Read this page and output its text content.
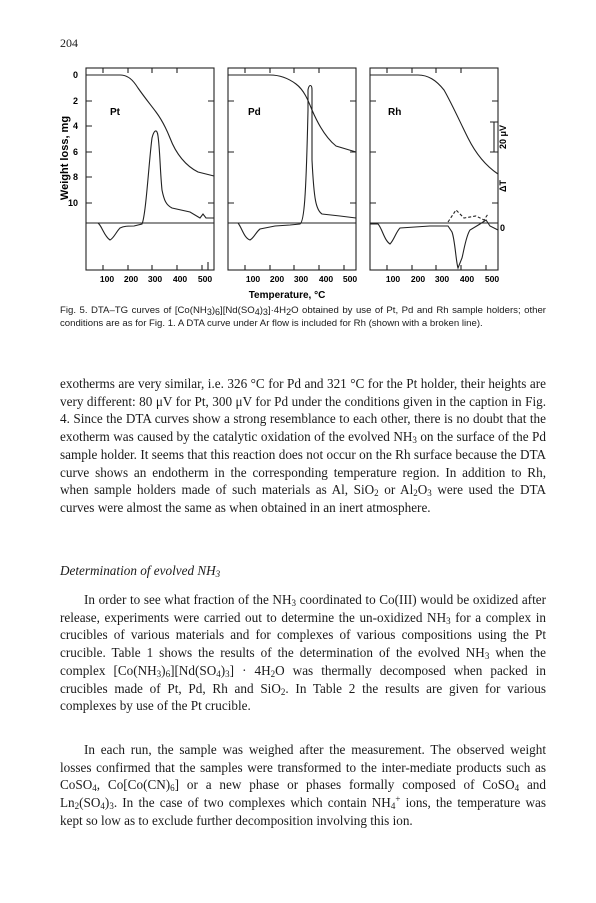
204
Weight loss, mg
0
2
4
6
8
10
Pt	Pd	Rh
20 μV
ΔT
0
100 200 300 400 500	100 200 300 400 500	100 200 300 400 500
Temperature, °C
Fig. 5. DTA–TG curves of $[Co(NH_3)_6][Nd(SO_4)_3]\cdot 4H_2O$ obtained by use of Pt, Pd and Rh sample holders; other conditions are as for Fig. 1. A DTA curve under Ar flow is included for Rh (shown with a broken line).

exotherms are very similar, i.e. 326 °C for Pd and 321 °C for the Pt holder, their heights are very different: 80 μV for Pt, 300 μV for Pd under the conditions given in the caption in Fig. 4. Since the DTA curves show a strong resemblance to each other, there is no doubt that the exotherm was caused by the catalytic oxidation of the evolved $NH_3$ on the surface of the Pd sample holder. It seems that this reaction does not occur on the Rh surface because the DTA curve shows an endotherm in the corresponding temperature region. In addition to Rh, when sample holders made of such materials as Al, SiO$_2$ or $Al_2O_3$ were used the DTA curves were almost the same as when obtained in an inert atmosphere.

Determination of evolved $NH_3$

In order to see what fraction of the $NH_3$ coordinated to Co(III) would be oxidized after release, experiments were carried out to determine the un-oxidized $NH_3$ for a complex in crucibles of various materials and for complexes of various compositions using the Pt crucible. Table 1 shows the results of the determination of the evolved $NH_3$ when the complex $[Co(NH_3)_6][Nd(SO_4)_3] \cdot 4H_2O$ was thermally decomposed when packed in crucibles made of Pt, Pd, Rh and SiO$_2$. In Table 2 the results are given for various complexes by use of the Pt crucible.

In each run, the sample was weighed after the measurement. The observed weight losses confirmed that the samples were transformed to the inter-mediate products such as CoSO$_4$, $Co[Co(CN)_6]$ or a new phase or phases formally composed of CoSO$_4$ and $Ln_2(SO_4)_3$. In the case of two complexes which contain $NH_4^+$ ions, the temperature was kept so low as to exclude further decomposition involving this ion.
